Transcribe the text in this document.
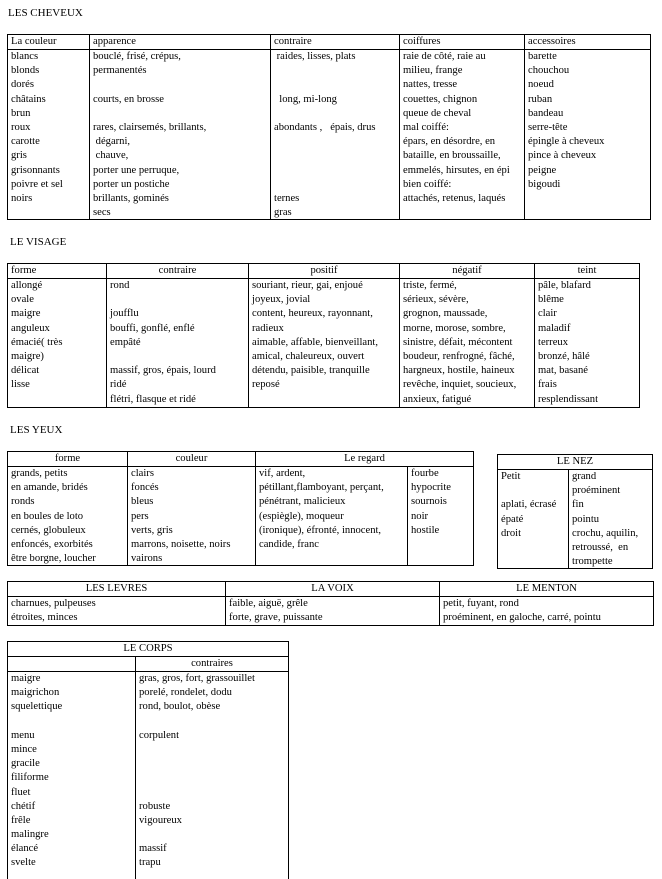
LES CHEVEUX
La couleur
blancs
blonds
dorés
châtains
brun
roux
carotte
gris
grisonnants
poivre et sel
noirs
apparence
bouclé, frisé, crépus,
permanentés
courts, en brosse
rares, clairsemés, brillants,
dégarni,
chauve,
porter une perruque,
porter un postiche
brillants, gominés
secs
contraire
raides, lisses, plats
long, mi-long
abondants ,   épais, drus
ternes
gras
coiffures
raie de côté, raie au
milieu, frange
nattes, tresse
couettes, chignon
queue de cheval
mal coiffé:
épars, en désordre, en
bataille, en broussaille,
emmelés, hirsutes, en épi
bien coiffé:
attachés, retenus, laqués
accessoires
barette
chouchou
noeud
ruban
bandeau
serre-tête
épingle à cheveux
pince à cheveux
peigne
bigoudi
LE VISAGE
forme
allongé
ovale
maigre
anguleux
émacié( très
maigre)
délicat
lisse
contraire
rond
joufflu
bouffi, gonflé, enflé
empâté
massif, gros, épais, lourd
ridé
flétri, flasque et ridé
positif
souriant, rieur, gai, enjoué
joyeux, jovial
content, heureux, rayonnant,
radieux
aimable, affable, bienveillant,
amical, chaleureux, ouvert
détendu, paisible, tranquille
reposé
négatif
triste, fermé,
sérieux, sévère,
grognon, maussade,
morne, morose, sombre,
sinistre, défait, mécontent
boudeur, renfrogné, fâché,
hargneux, hostile, haineux
revêche, inquiet, soucieux,
anxieux, fatigué
teint
pâle, blafard
blême
clair
maladif
terreux
bronzé, hâlé
mat, basané
frais
resplendissant
LES YEUX
forme
grands, petits
en amande, bridés
ronds
en boules de loto
cernés, globuleux
enfoncés, exorbités
être borgne, loucher
couleur
clairs
foncés
bleus
pers
verts, gris
marrons, noisette, noirs
vairons
Le regard
vif, ardent,
pétillant,flamboyant, perçant,
pénétrant, malicieux
(espiègle), moqueur
(ironique), éfronté, innocent,
candide, franc
fourbe
hypocrite
sournois
noir
hostile
LE NEZ
Petit
aplati, écrasé
épaté
droit
grand
proéminent
fin
pointu
crochu, aquilin,
retroussé,  en
trompette
LES LEVRES
charnues, pulpeuses
étroites, minces
LA VOIX
faible, aiguë, grêle
forte, grave, puissante
LE MENTON
petit, fuyant, rond
proéminent, en galoche, carré, pointu
LE CORPS
maigre
maigrichon
squelettique
menu
mince
gracile
filiforme
fluet
chétif
frêle
malingre
élancé
svelte
contraires
gras, gros, fort, grassouillet
porelé, rondelet, dodu
rond, boulot, obèse
corpulent
robuste
vigoureux
massif
trapu
